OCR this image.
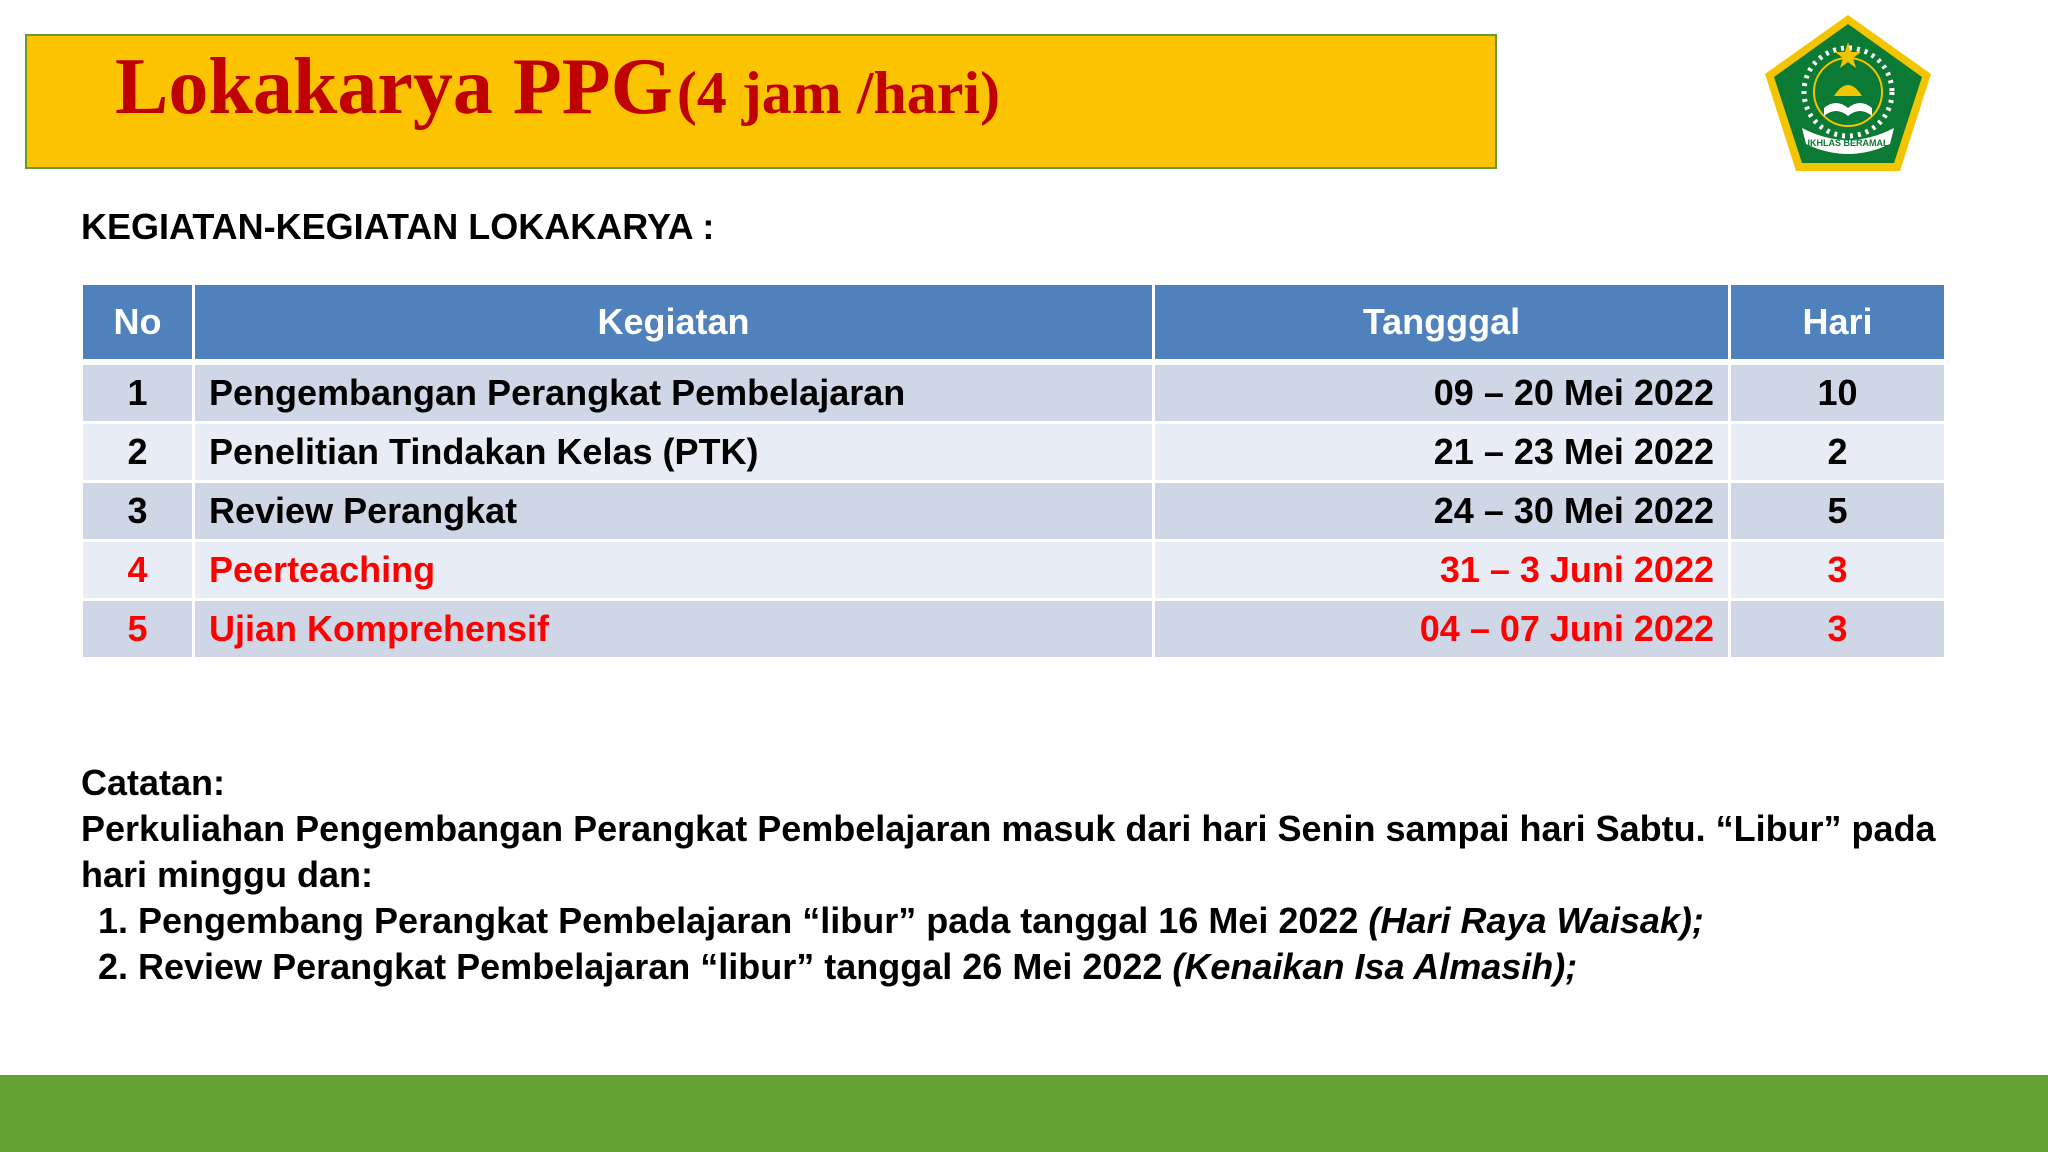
Lokakarya PPG (4 jam /hari)
IKHLAS BERAMAL
KEGIATAN-KEGIATAN LOKAKARYA :
No	Kegiatan	Tangggal	Hari
1	Pengembangan Perangkat Pembelajaran	09 – 20 Mei 2022	10
2	Penelitian Tindakan Kelas (PTK)	21 – 23 Mei 2022	2
3	Review Perangkat	24 – 30 Mei 2022	5
4	Peerteaching	31 – 3 Juni 2022	3
5	Ujian Komprehensif	04 – 07 Juni 2022	3

Catatan:

Perkuliahan Pengembangan Perangkat Pembelajaran masuk dari hari Senin sampai hari Sabtu. “Libur” pada hari minggu dan:

1. Pengembang Perangkat Pembelajaran “libur” pada tanggal 16 Mei 2022 (Hari Raya Waisak);
2. Review Perangkat Pembelajaran “libur” tanggal 26 Mei 2022 (Kenaikan Isa Almasih);
